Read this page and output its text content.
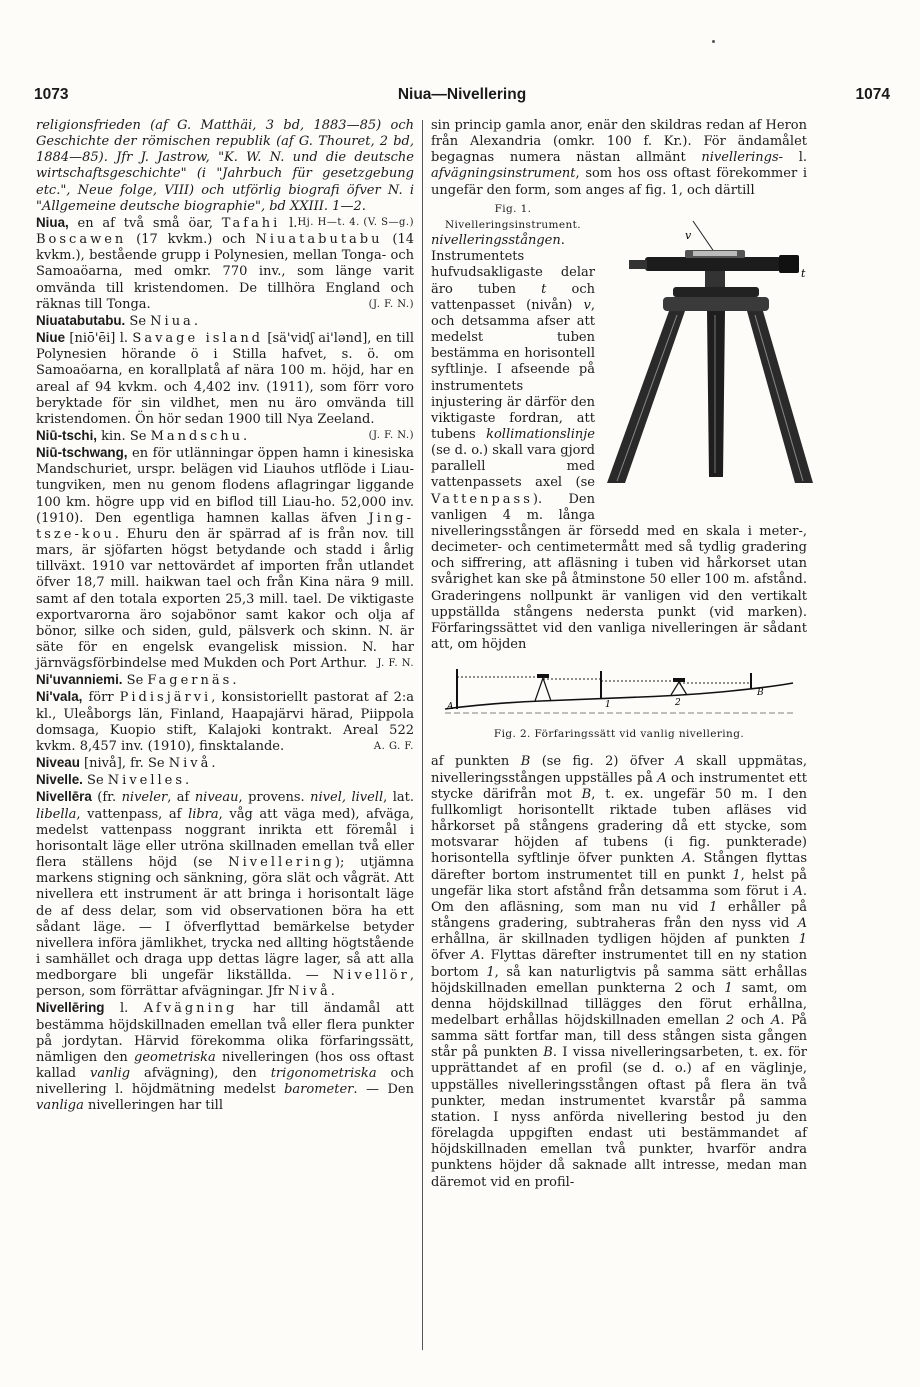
1073	Niua—Nivellering	1074

religionsfrieden (af G. Matthäi, 3 bd, 1883—85) och Geschichte der römischen republik (af G. Thouret, 2 bd, 1884—85). Jfr J. Jastrow, "K. W. N. und die deutsche wirtschaftsgeschichte" (i "Jahrbuch für gesetzgebung etc.", Neue folge, VIII) och utförlig biografi öfver N. i "Allgemeine deutsche biographie", bd XXIII. 1—2.
Hj. H—t. 4. (V. S—g.)

Niua, en af två små öar, Tafahi l. Boscawen (17 kvkm.) och Niuatabutabu (14 kvkm.), bestående grupp i Polynesien, mellan Tonga- och Samoaöarna, med omkr. 770 inv., som länge varit omvända till kristendomen. De tillhöra England och räknas till Tonga.	(J. F. N.)

Niuatabutabu. Se Niua.

Niue [niō'ēi] l. Savage island [sä'vidʃ ai'lənd], en till Polynesien hörande ö i Stilla hafvet, s. ö. om Samoaöarna, en korallplatå af nära 100 m. höjd, har en areal af 94 kvkm. och 4,402 inv. (1911), som förr voro beryktade för sin vildhet, men nu äro omvända till kristendomen. Ön hör sedan 1900 till Nya Zeeland.
(J. F. N.)

Niū-tschi, kin. Se Mandschu.

Niū-tschwang, en för utlänningar öppen hamn i kinesiska Mandschuriet, urspr. belägen vid Liauhos utflöde i Liau-tungviken, men nu genom flodens aflagringar liggande 100 km. högre upp vid en biflod till Liau-ho. 52,000 inv. (1910). Den egentliga hamnen kallas äfven Jing-tsze-kou. Ehuru den är spärrad af is från nov. till mars, är sjöfarten högst betydande och stadd i årlig tillväxt. 1910 var nettovärdet af importen från utlandet öfver 18,7 mill. haikwan tael och från Kina nära 9 mill. samt af den totala exporten 25,3 mill. tael. De viktigaste exportvarorna äro sojabönor samt kakor och olja af bönor, silke och siden, guld, pälsverk och skinn. N. är säte för en engelsk evangelisk mission. N. har järnvägsförbindelse med Mukden och Port Arthur. J. F. N.

Ni'uvanniemi. Se Fagernäs.

Ni'vala, förr Pidisjärvi, konsistoriellt pastorat af 2:a kl., Uleåborgs län, Finland, Haapajärvi härad, Piippola domsaga, Kuopio stift, Kalajoki kontrakt. Areal 522 kvkm. 8,457 inv. (1910), finsktalande.	A. G. F.

Niveau [nivå], fr. Se Nivå.

Nivelle. Se Nivelles.

Nivellēra (fr. niveler, af niveau, provens. nivel, livell, lat. libella, vattenpass, af libra, våg att väga med), afväga, medelst vattenpass noggrant inrikta ett föremål i horisontalt läge eller utröna skillnaden emellan två eller flera ställens höjd (se Nivellering); utjämna markens stigning och sänkning, göra slät och vågrät. Att nivellera ett instrument är att bringa i horisontalt läge de af dess delar, som vid observationen böra ha ett sådant läge. — I öfverflyttad bemärkelse betyder nivellera införa jämlikhet, trycka ned allting högtstående i samhället och draga upp dettas lägre lager, så att alla medborgare bli ungefär likställda. — Nivellör, person, som förrättar afvägningar. Jfr Nivå.

Nivellēring l. Afvägning har till ändamål att bestämma höjdskillnaden emellan två eller flera punkter på jordytan. Härvid förekomma olika förfaringssätt, nämligen den geometriska nivelleringen (hos oss oftast kallad vanlig afvägning), den trigonometriska och nivellering l. höjdmätning medelst barometer. — Den vanliga nivelleringen har till

sin princip gamla anor, enär den skildras redan af Heron från Alexandria (omkr. 100 f. Kr.). För ändamålet begagnas numera nästan allmänt nivellerings- l. afvägningsinstrument, som hos oss oftast förekommer i ungefär den form, som anges af fig. 1, och därtill
v
t

Fig. 1. Nivelleringsinstrument.
nivelleringsstången. Instrumentets hufvudsakligaste delar äro tuben t och vattenpasset (nivån) v, och detsamma afser att medelst tuben bestämma en horisontell syftlinje. I afseende på instrumentets injustering är därför den viktigaste fordran, att tubens kollimationslinje (se d. o.) skall vara gjord parallell med vattenpassets axel (se Vattenpass). Den vanligen 4 m. långa nivelleringsstången är försedd med en skala i meter-, decimeter- och centimetermått med så tydlig gradering och siffrering, att afläsning i tuben vid hårkorset utan svårighet kan ske på åtminstone 50 eller 100 m. afstånd. Graderingens nollpunkt är vanligen vid den vertikalt uppställda stångens nedersta punkt (vid marken). Förfaringssättet vid den vanliga nivelleringen är sådant att, om höjden

A	1	2
B
Fig. 2. Förfaringssätt vid vanlig nivellering.

af punkten B (se fig. 2) öfver A skall uppmätas, nivelleringsstången uppställes på A och instrumentet ett stycke därifrån mot B, t. ex. ungefär 50 m. I den fullkomligt horisontellt riktade tuben afläses vid hårkorset på stångens gradering då ett stycke, som motsvarar höjden af tubens (i fig. punkterade) horisontella syftlinje öfver punkten A. Stången flyttas därefter bortom instrumentet till en punkt 1, helst på ungefär lika stort afstånd från detsamma som förut i A. Om den afläsning, som man nu vid 1 erhåller på stångens gradering, subtraheras från den nyss vid A erhållna, är skillnaden tydligen höjden af punkten 1 öfver A. Flyttas därefter instrumentet till en ny station bortom 1, så kan naturligtvis på samma sätt erhållas höjdskillnaden emellan punkterna 2 och 1 samt, om denna höjdskillnad tillägges den förut erhållna, medelbart erhållas höjdskillnaden emellan 2 och A. På samma sätt fortfar man, till dess stången sista gången står på punkten B. I vissa nivelleringsarbeten, t. ex. för upprättandet af en profil (se d. o.) af en väglinje, uppställes nivelleringsstången oftast på flera än två punkter, medan instrumentet kvarstår på samma station. I nyss anförda nivellering bestod ju den förelagda uppgiften endast uti bestämmandet af höjdskillnaden emellan två punkter, hvarför andra punktens höjder då saknade allt intresse, medan man däremot vid en profil-
